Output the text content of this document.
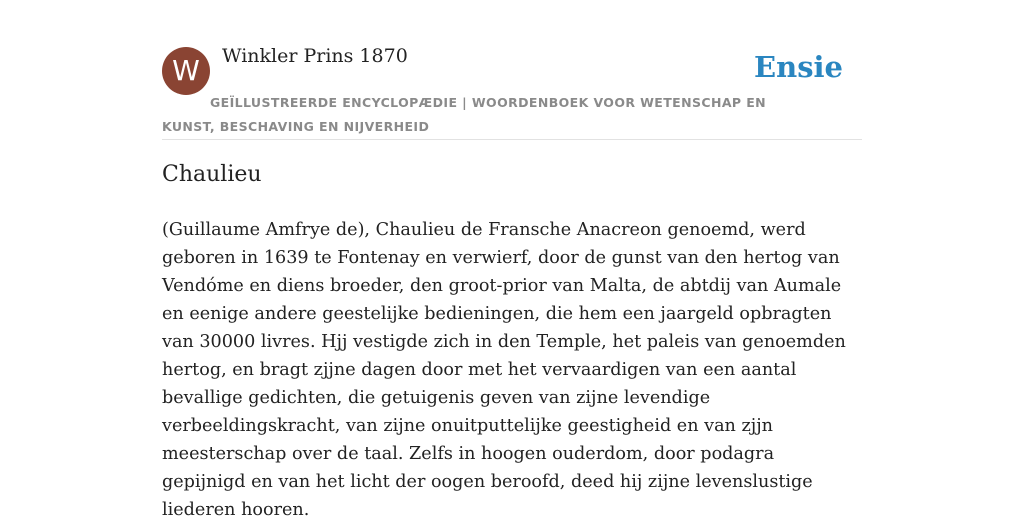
W	Winkler Prins 1870	Ensie
GEÏLLUSTREERDE ENCYCLOPÆDIE | WOORDENBOEK VOOR WETENSCHAP EN KUNST, BESCHAVING EN NIJVERHEID
Chaulieu

(Guillaume Amfrye de), Chaulieu de Fransche Anacreon genoemd, werd geboren in 1639 te Fontenay en verwierf, door de gunst van den hertog van Vendóme en diens broeder, den groot-prior van Malta, de abtdij van Aumale en eenige andere geestelijke bedieningen, die hem een jaargeld opbragten van 30000 livres. Hjj vestigde zich in den Temple, het paleis van genoemden hertog, en bragt zjjne dagen door met het vervaardigen van een aantal bevallige gedichten, die getuigenis geven van zijne levendige verbeeldingskracht, van zijne onuitputtelijke geestigheid en van zjjn meesterschap over de taal. Zelfs in hoogen ouderdom, door podagra gepijnigd en van het licht der oogen beroofd, deed hij zijne levenslustige liederen hooren.
